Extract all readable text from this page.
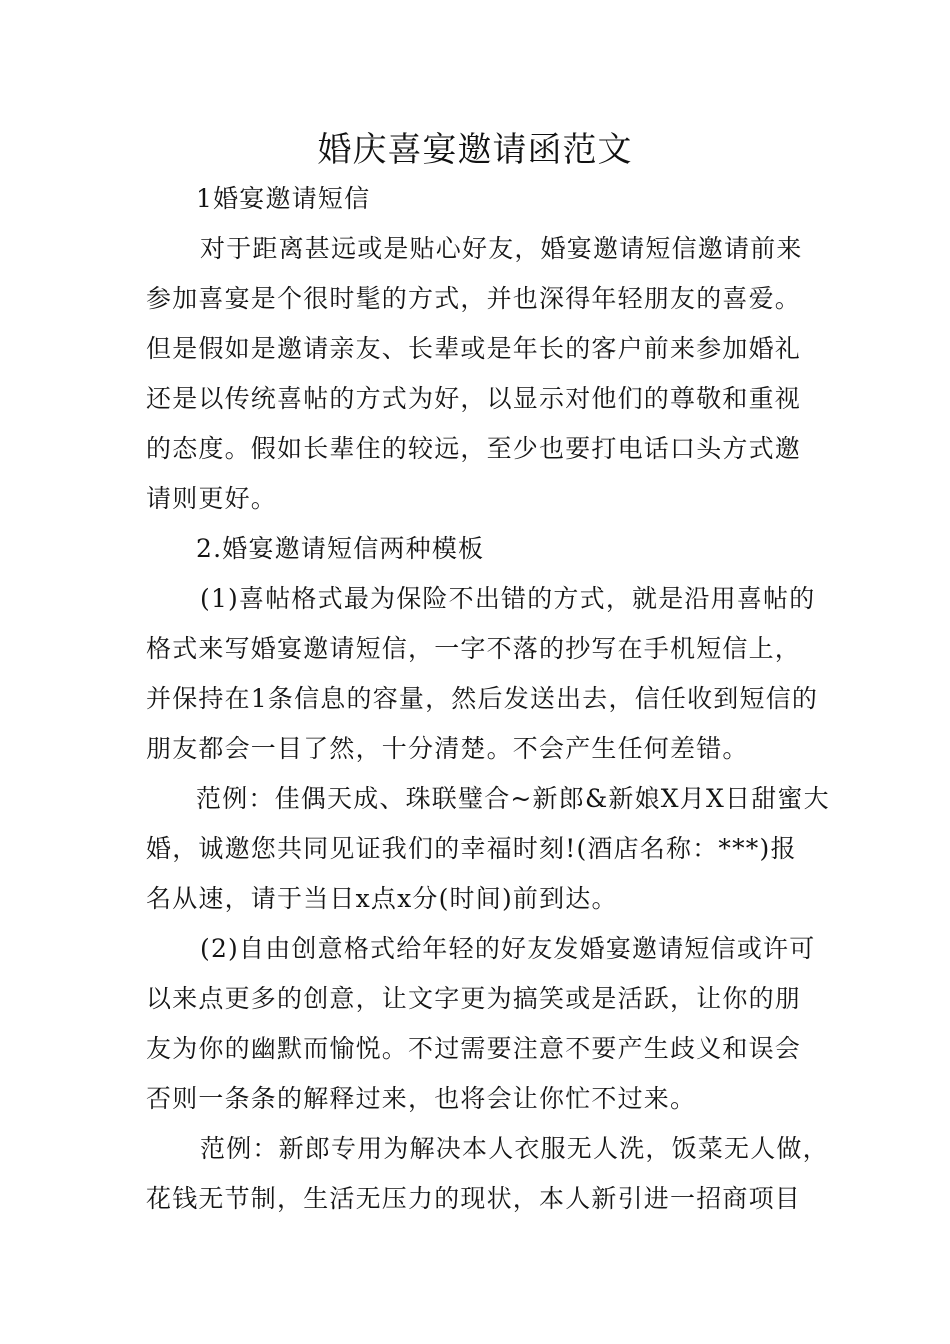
婚庆喜宴邀请函范文
1婚宴邀请短信
对于距离甚远或是贴心好友，婚宴邀请短信邀请前来
参加喜宴是个很时髦的方式，并也深得年轻朋友的喜爱。
但是假如是邀请亲友、长辈或是年长的客户前来参加婚礼
还是以传统喜帖的方式为好，以显示对他们的尊敬和重视
的态度。假如长辈住的较远，至少也要打电话口头方式邀
请则更好。
2.婚宴邀请短信两种模板
(1)喜帖格式最为保险不出错的方式，就是沿用喜帖的
格式来写婚宴邀请短信，一字不落的抄写在手机短信上，
并保持在1条信息的容量，然后发送出去，信任收到短信的
朋友都会一目了然，十分清楚。不会产生任何差错。
范例：佳偶天成、珠联璧合~新郎&新娘X月X日甜蜜大
婚，诚邀您共同见证我们的幸福时刻!(酒店名称：***)报
名从速，请于当日x点x分(时间)前到达。
(2)自由创意格式给年轻的好友发婚宴邀请短信或许可
以来点更多的创意，让文字更为搞笑或是活跃，让你的朋
友为你的幽默而愉悦。不过需要注意不要产生歧义和误会
否则一条条的解释过来，也将会让你忙不过来。
范例：新郎专用为解决本人衣服无人洗，饭菜无人做，
花钱无节制，生活无压力的现状，本人新引进一招商项目
